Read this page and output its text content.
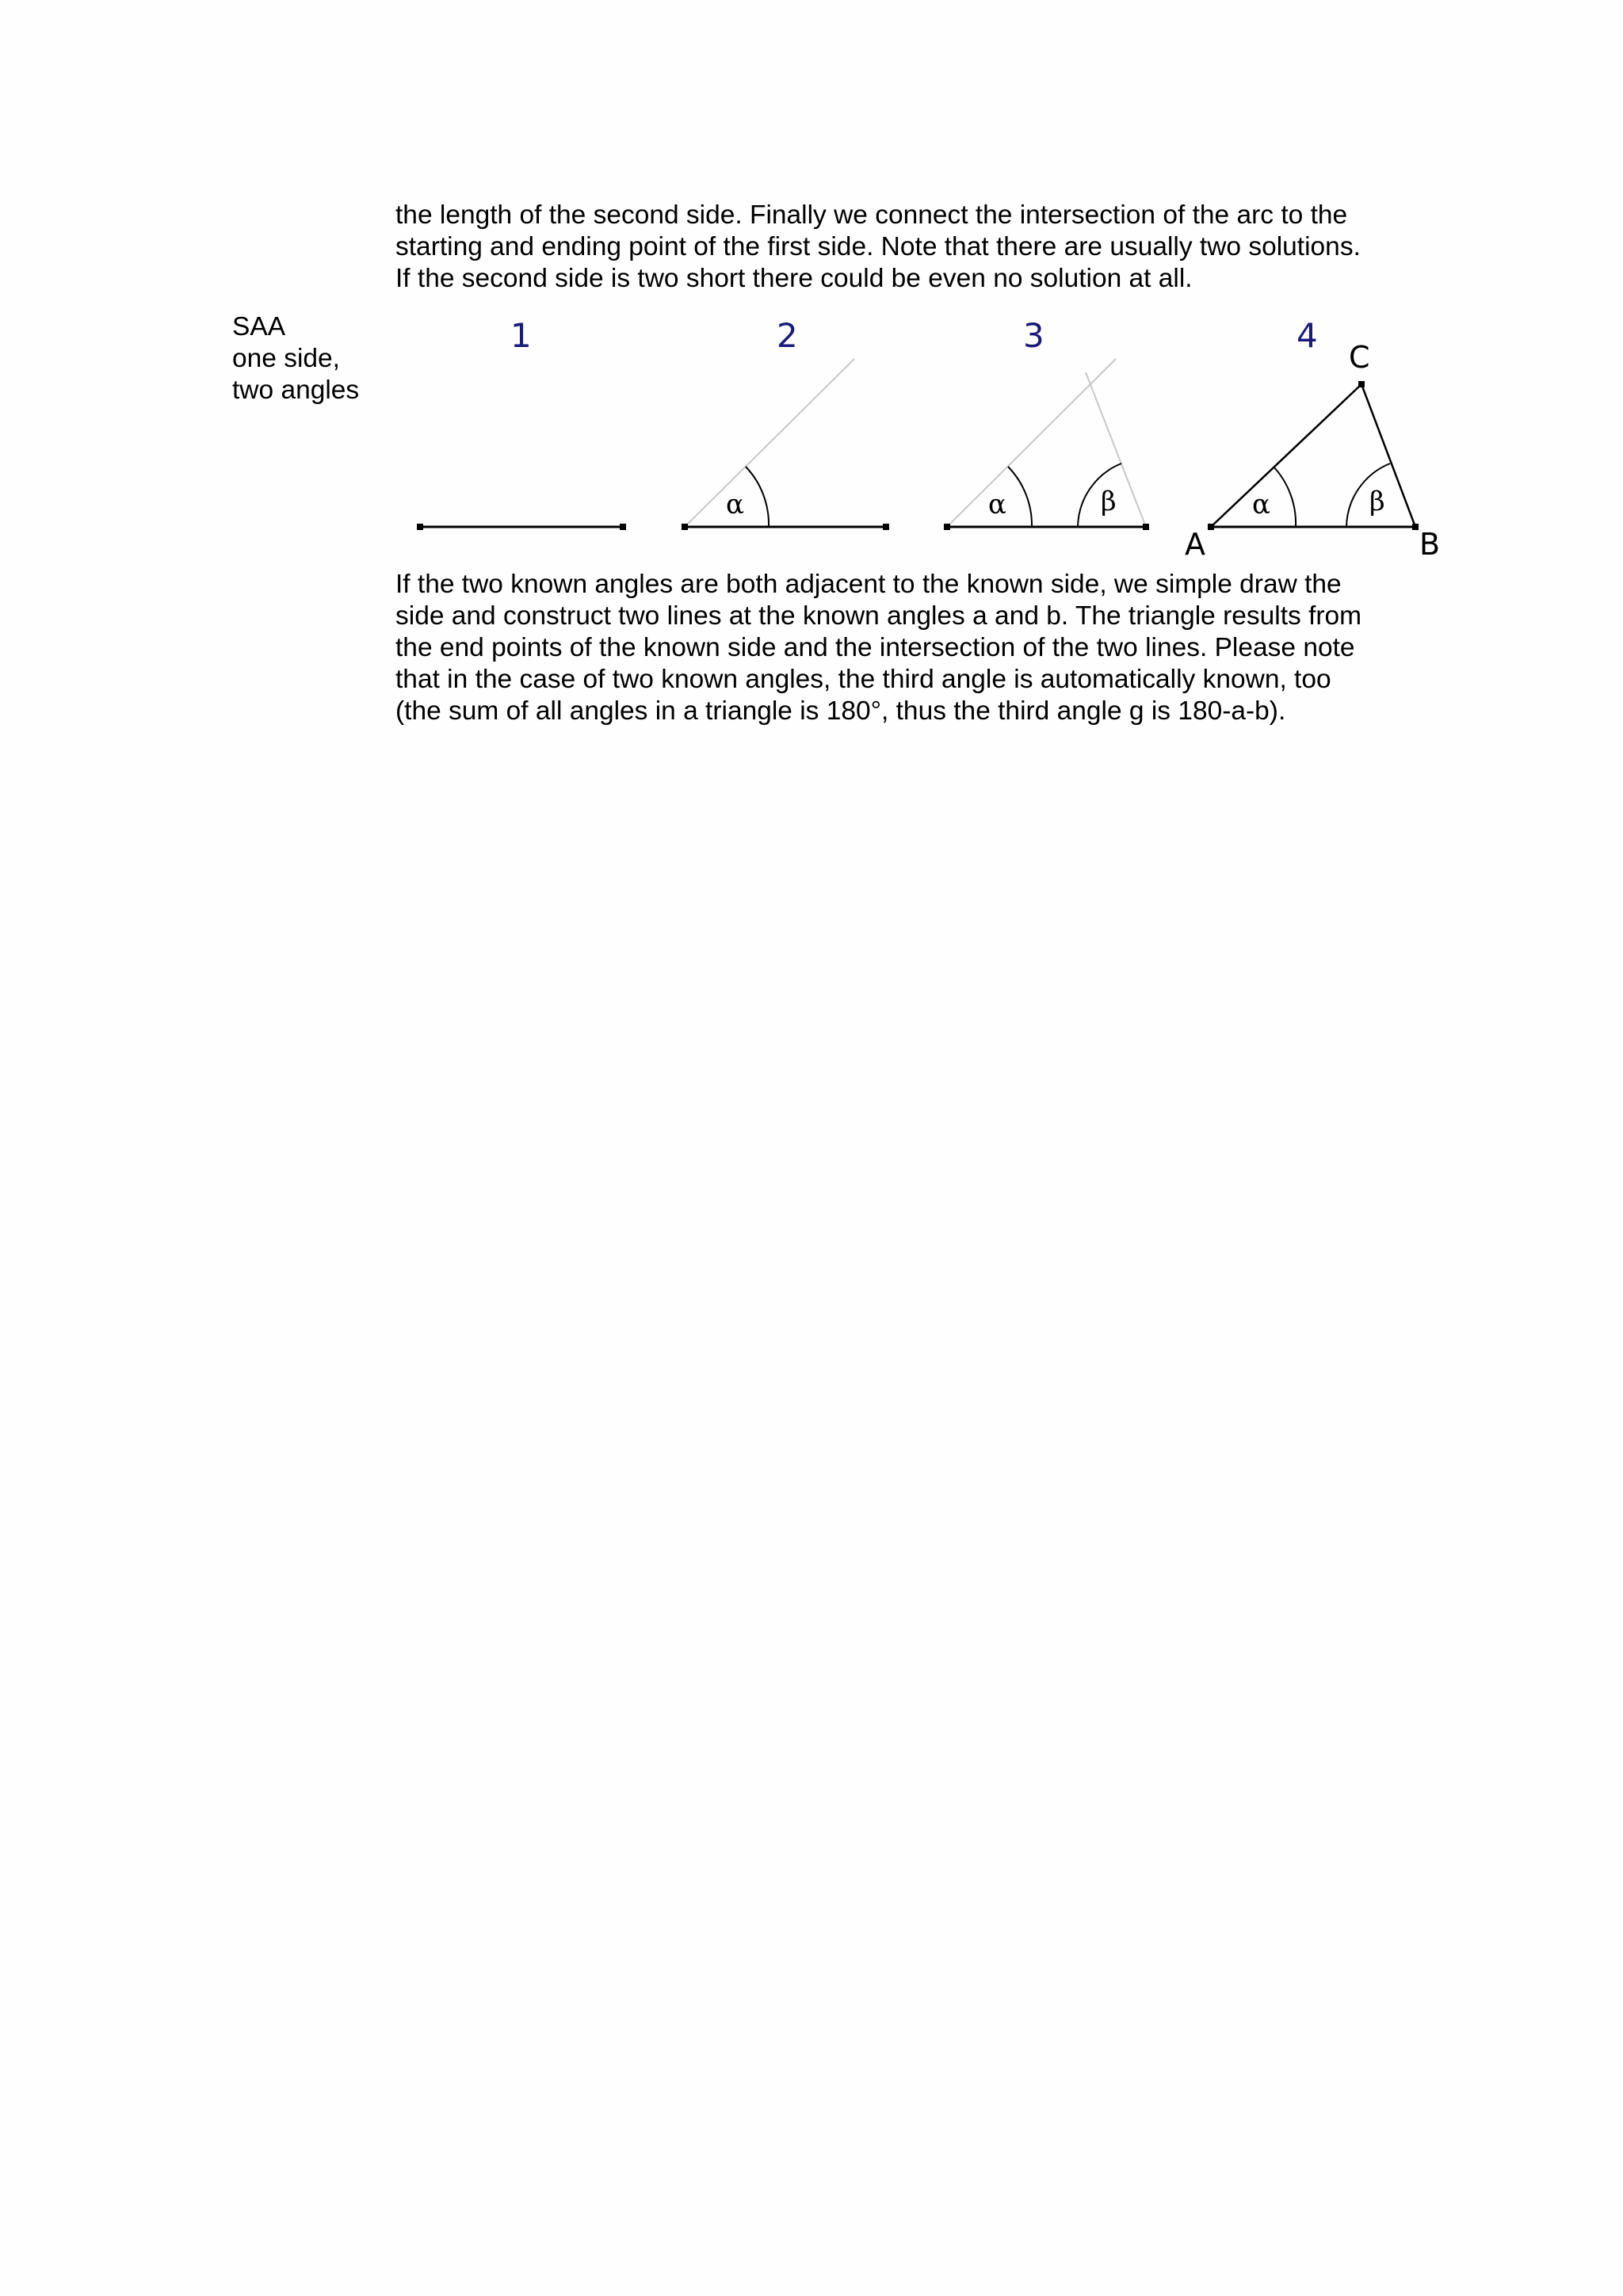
the length of the second side. Finally we connect the intersection of the arc to the
starting and ending point of the first side. Note that there are usually two solutions.
If the second side is two short there could be even no solution at all.
SAA
one side,
two angles
1	2	3	4
α	α	β	α	β
A	B
C
If the two known angles are both adjacent to the known side, we simple draw the
side and construct two lines at the known angles a and b. The triangle results from
the end points of the known side and the intersection of the two lines. Please note
that in the case of two known angles, the third angle is automatically known, too
(the sum of all angles in a triangle is 180°, thus the third angle g is 180-a-b).
